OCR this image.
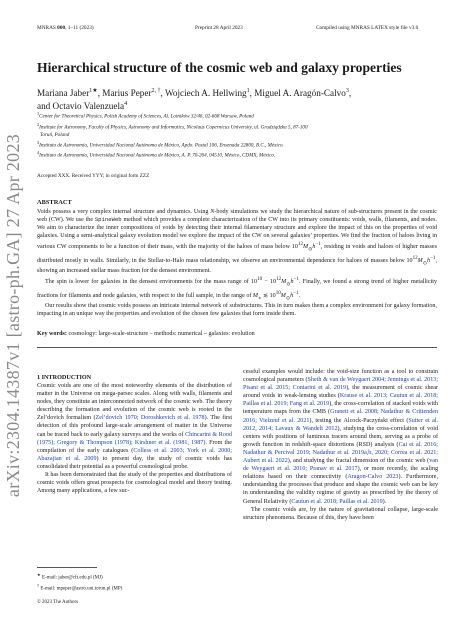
MNRAS 000, 1–11 (2023)	Preprint 28 April 2023	Compiled using MNRAS LATEX style file v3.0
arXiv:2304.14387v1 [astro-ph.GA] 27 Apr 2023
Hierarchical structure of the cosmic web and galaxy properties
Mariana Jaber$^{1★}$, Marius Peper$^{2, \dagger}$, Wojciech A. Hellwing$^1$, Miguel A. Aragón-Calvo$^3$,
and Octavio Valenzuela$^4$

$^1$Center for Theoretical Physics, Polish Academy of Sciences, Al. Lotników 32/46, 02-668 Warsaw, Poland

$^2$Institute for Astronomy, Faculty of Physics, Astronomy and Informatics, Nicolaus Copernicus University, ul. Grudziądzka 5, 87-100

Toruń, Poland

$^3$Instituto de Astronomía, Universidad Nacional Autónoma de México, Apdo. Postal 106, Ensenada 22800, B.C., México.

$^4$Instituto de Astronomía, Universidad Nacional Autónoma de México, A. P. 70-264, 04510, México, CDMX, México.

Accepted XXX. Received YYY; in original form ZZZ
ABSTRACT

Voids possess a very complex internal structure and dynamics. Using N-body simulations we study the hierarchical nature of sub-structures present in the cosmic web (CW). We use the SpineWeb method which provides a complete characterization of the CW into its primary constituents: voids, walls, filaments, and nodes. We aim to characterize the inner compositions of voids by detecting their internal filamentary structure and explore the impact of this on the properties of void galaxies. Using a semi-analytical galaxy evolution model we explore the impact of the CW on several galaxies’ properties. We find the fraction of haloes living in various CW components to be a function of their mass, with the majority of the haloes of mass below $10^{12}M_⊙h^{-1}$, residing in voids and haloes of higher masses distributed mostly in walls. Similarly, in the Stellar-to-Halo mass relationship, we observe an environmental dependence for haloes of masses below $10^{12}M_⊙h^{-1}$, showing an increased stellar mass fraction for the densest environment.

The spin is lower for galaxies in the densest environments for the mass range of $10^{10} - 10^{12}M_⊙h^{-1}$. Finally, we found a strong trend of higher metallicity fractions for filaments and node galaxies, with respect to the full sample, in the range of $M_∗$ ≲ $10^{10}M_⊙h^{-1}$.

Our results show that cosmic voids possess an intricate internal network of substructures. This in turn makes them a complex environment for galaxy formation, impacting in an unique way the properties and evolution of the chosen few galaxies that form inside them.

Key words: cosmology: large-scale-structure – methods: numerical – galaxies: evolution
1 INTRODUCTION

Cosmic voids are one of the most noteworthy elements of the distribution of matter in the Universe on mega-parsec scales. Along with walls, filaments and nodes, they constitute an interconnected network of the cosmic web. The theory describing the formation and evolution of the cosmic web is rooted in the Zel’dovich formalism (Zel’dovich 1970; Doroshkevich et al. 1978). The first detection of this profound large-scale arrangement of matter in the Universe can be traced back to early galaxy surveys and the works of Chincarini & Rood (1975); Gregory & Thompson (1978); Kirshner et al. (1981, 1987). From the compilation of the early catalogues (Colless et al. 2003; York et al. 2000; Abazajian et al. 2009) to present day, the study of cosmic voids has consolidated their potential as a powerful cosmological probe.

It has been demonstrated that the study of the properties and distributions of cosmic voids offers great prospects for cosmological model and theory testing. Among many applications, a few suc-

cessful examples would include: the void-size function as a tool to constrain cosmological parameters (Sheth & van de Weygaert 2004; Jennings et al. 2013; Pisani et al. 2015; Contarini et al. 2019), the measurement of cosmic shear around voids in weak-lensing studies (Krause et al. 2013; Cautun et al. 2018; Paillas et al. 2019; Fang et al. 2019), the cross-correlation of stacked voids with temperature maps from the CMB (Granett et al. 2008; Nadathur & Crittenden 2016; Vielzeuf et al. 2021), testing the Alcock-Paczyński effect (Sutter et al. 2012, 2014; Lavaux & Wandelt 2012), studying the cross-correlation of void centers with positions of luminous tracers around them, serving as a probe of growth function in redshift-space distortions (RSD) analysis (Cai et al. 2016; Nadathur & Percival 2019; Nadathur et al. 2019a,b, 2020; Correa et al. 2021; Aubert et al. 2022), and studying the fractal dimension of the cosmic web (van de Weygaert et al. 2010; Pranav et al. 2017), or more recently, the scaling relations based on their connectivity (Aragon-Calvo 2023). Furthermore, understanding the processes that produce and shape the cosmic web can be key in understanding the validity regime of gravity as prescribed by the theory of General Relativity (Cautun et al. 2018; Paillas et al. 2019).

The cosmic voids are, by the nature of gravitational collapse, large-scale structure phenomena. Because of this, they have been

★ E-mail: jaber@cft.edu.pl (MJ)
† E-mail: mpeper@astro.uni.torun.pl (MP)
© 2023 The Authors
